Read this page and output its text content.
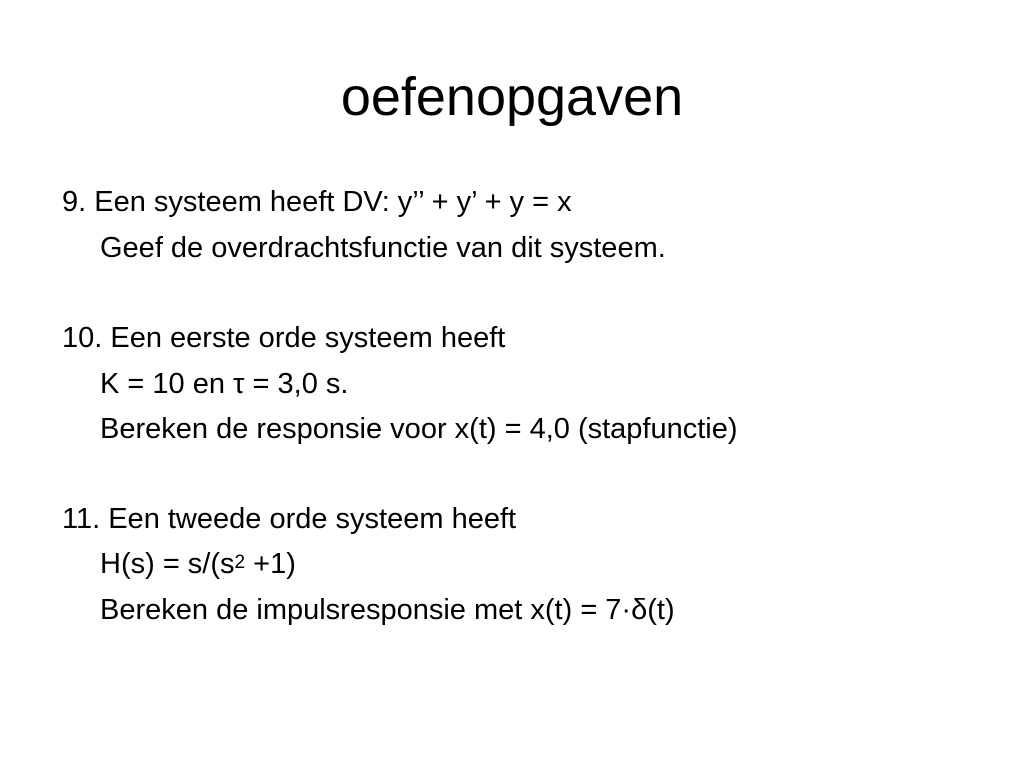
oefenopgaven
9. Een systeem heeft DV: y’’ + y’ + y = x
Geef de overdrachtsfunctie van dit systeem.
10. Een eerste orde systeem heeft
K = 10 en τ = 3,0 s.
Bereken de responsie voor x(t) = 4,0 (stapfunctie)
11. Een tweede orde systeem heeft
$H(s) = s/(s^2 +1)$
Bereken de impulsresponsie met x(t) = 7·δ(t)
